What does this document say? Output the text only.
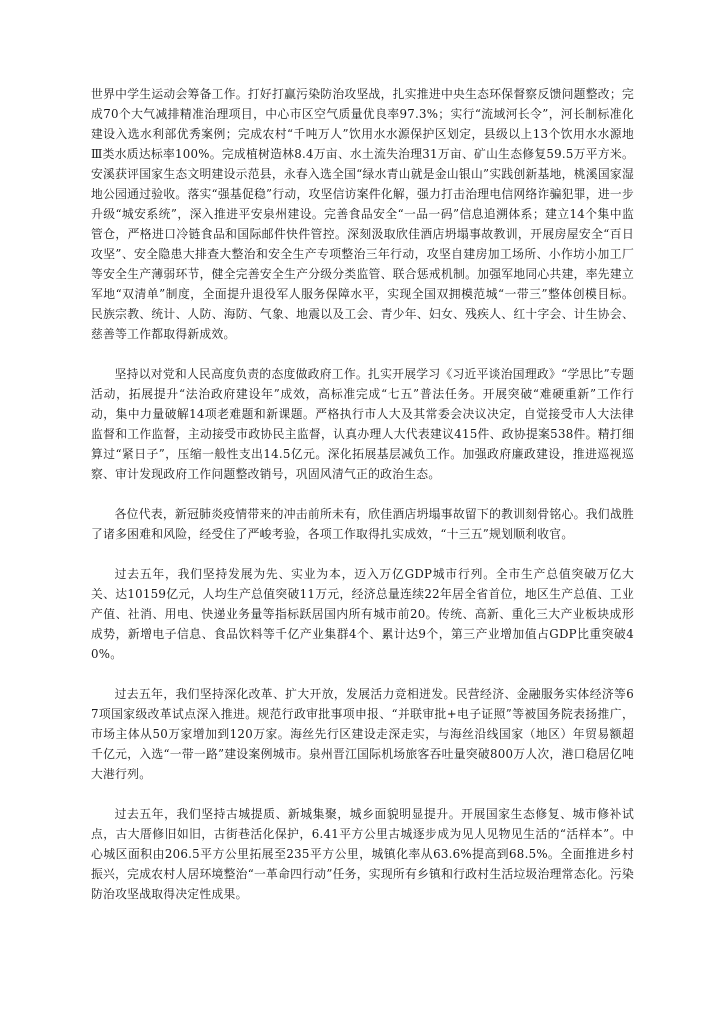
世界中学生运动会筹备工作。打好打赢污染防治攻坚战，扎实推进中央生态环保督察反馈问题整改；完成70个大气减排精准治理项目，中心市区空气质量优良率97.3%；实行“流域河长令”，河长制标准化建设入选水利部优秀案例；完成农村“千吨万人”饮用水水源保护区划定，县级以上13个饮用水水源地Ⅲ类水质达标率100%。完成植树造林8.4万亩、水土流失治理31万亩、矿山生态修复59.5万平方米。安溪获评国家生态文明建设示范县，永春入选全国“绿水青山就是金山银山”实践创新基地，桃溪国家湿地公园通过验收。落实“强基促稳”行动，攻坚信访案件化解，强力打击治理电信网络诈骗犯罪，进一步升级“城安系统”，深入推进平安泉州建设。完善食品安全“一品一码”信息追溯体系；建立14个集中监管仓，严格进口冷链食品和国际邮件快件管控。深刻汲取欣佳酒店坍塌事故教训，开展房屋安全“百日攻坚”、安全隐患大排查大整治和安全生产专项整治三年行动，攻坚自建房加工场所、小作坊小加工厂等安全生产薄弱环节，健全完善安全生产分级分类监管、联合惩戒机制。加强军地同心共建，率先建立军地“双清单”制度，全面提升退役军人服务保障水平，实现全国双拥模范城“一带三”整体创模目标。民族宗教、统计、人防、海防、气象、地震以及工会、青少年、妇女、残疾人、红十字会、计生协会、慈善等工作都取得新成效。

坚持以对党和人民高度负责的态度做政府工作。扎实开展学习《习近平谈治国理政》“学思比”专题活动，拓展提升“法治政府建设年”成效，高标准完成“七五”普法任务。开展突破“难硬重新”工作行动，集中力量破解14项老难题和新课题。严格执行市人大及其常委会决议决定，自觉接受市人大法律监督和工作监督，主动接受市政协民主监督，认真办理人大代表建议415件、政协提案538件。精打细算过“紧日子”，压缩一般性支出14.5亿元。深化拓展基层减负工作。加强政府廉政建设，推进巡视巡察、审计发现政府工作问题整改销号，巩固风清气正的政治生态。

各位代表，新冠肺炎疫情带来的冲击前所未有，欣佳酒店坍塌事故留下的教训刻骨铭心。我们战胜了诸多困难和风险，经受住了严峻考验，各项工作取得扎实成效，“十三五”规划顺利收官。

过去五年，我们坚持发展为先、实业为本，迈入万亿GDP城市行列。全市生产总值突破万亿大关、达10159亿元，人均生产总值突破11万元，经济总量连续22年居全省首位，地区生产总值、工业产值、社消、用电、快递业务量等指标跃居国内所有城市前20。传统、高新、重化三大产业板块成形成势，新增电子信息、食品饮料等千亿产业集群4个、累计达9个，第三产业增加值占GDP比重突破40%。

过去五年，我们坚持深化改革、扩大开放，发展活力竞相迸发。民营经济、金融服务实体经济等67项国家级改革试点深入推进。规范行政审批事项申报、“并联审批+电子证照”等被国务院表扬推广，市场主体从50万家增加到120万家。海丝先行区建设走深走实，与海丝沿线国家（地区）年贸易额超千亿元，入选“一带一路”建设案例城市。泉州晋江国际机场旅客吞吐量突破800万人次，港口稳居亿吨大港行列。

过去五年，我们坚持古城提质、新城集聚，城乡面貌明显提升。开展国家生态修复、城市修补试点，古大厝修旧如旧，古街巷活化保护，6.41平方公里古城逐步成为见人见物见生活的“活样本”。中心城区面积由206.5平方公里拓展至235平方公里，城镇化率从63.6%提高到68.5%。全面推进乡村振兴，完成农村人居环境整治“一革命四行动”任务，实现所有乡镇和行政村生活垃圾治理常态化。污染防治攻坚战取得决定性成果。
